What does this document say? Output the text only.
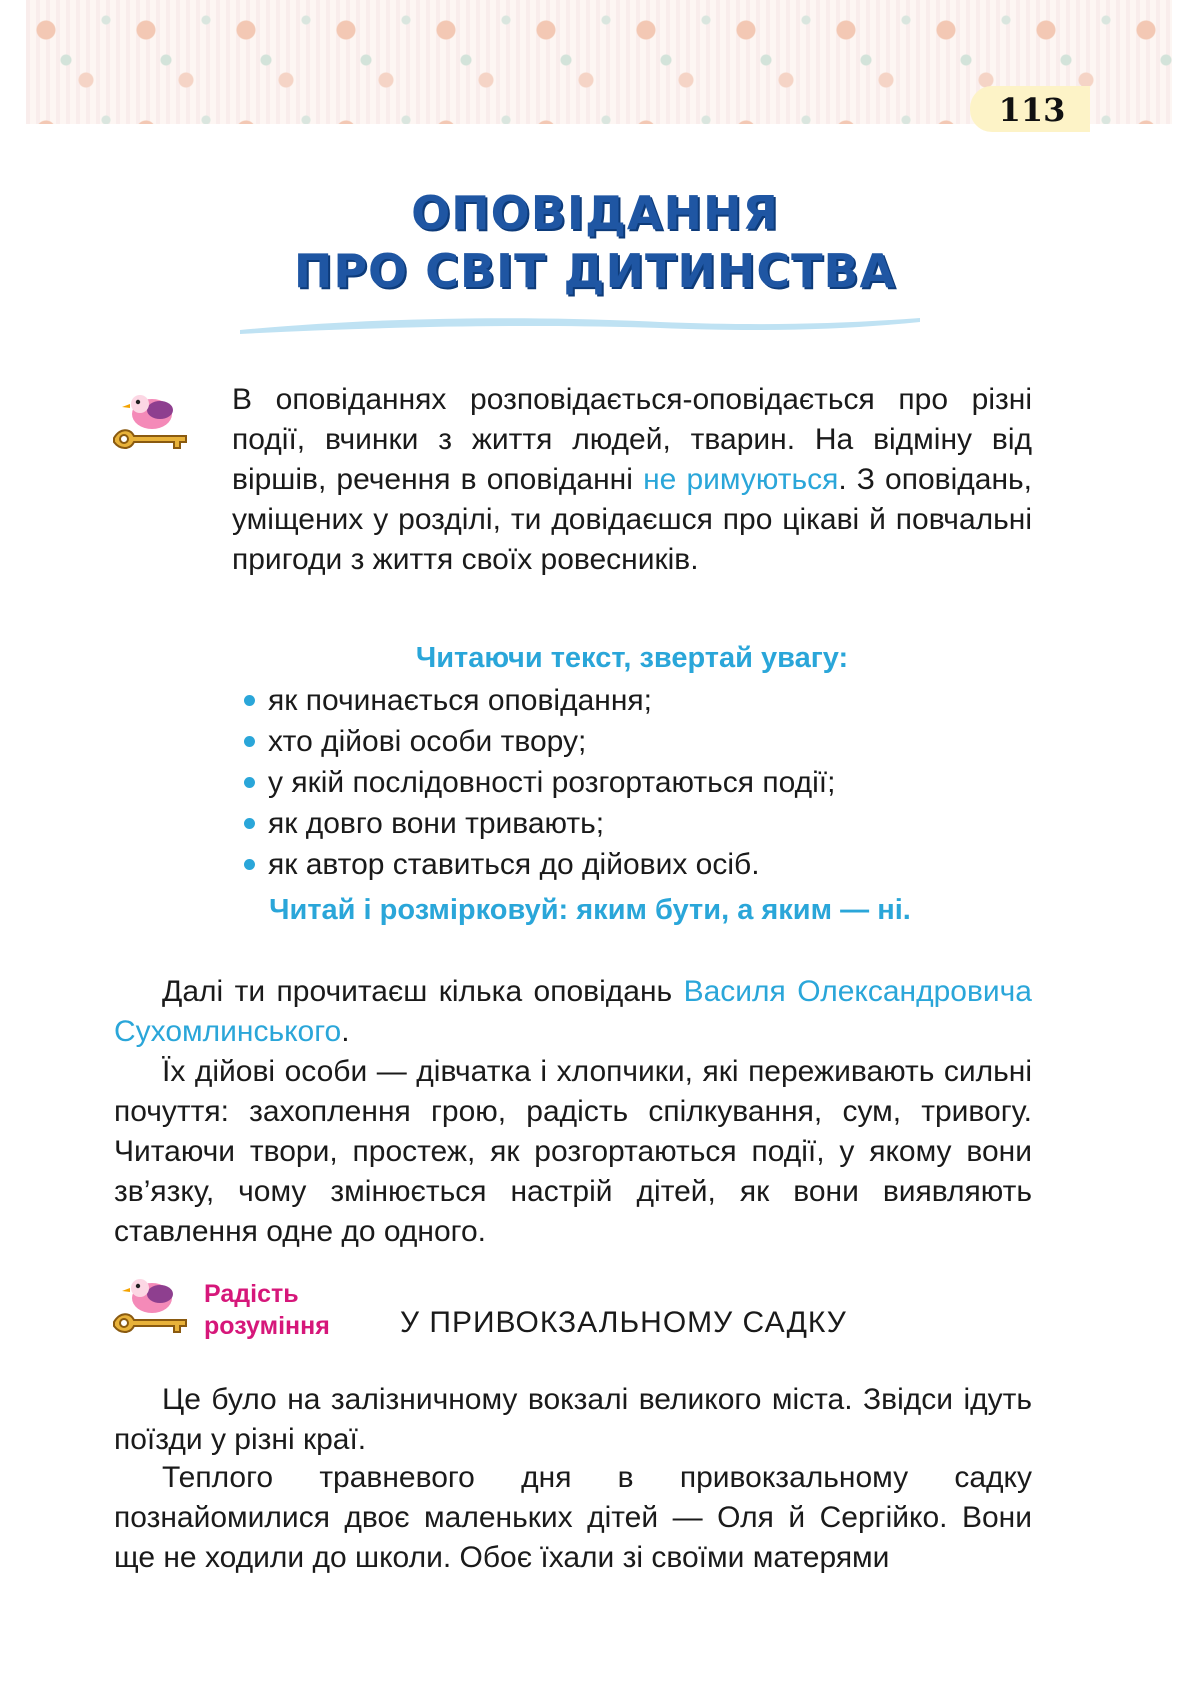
113
ОПОВІДАННЯ
ПРО СВІТ ДИТИНСТВА

В оповіданнях розповідається-оповідається про різні події, вчинки з життя людей, тварин. На відміну від віршів, речення в оповіданні не римуються. З оповідань, уміщених у розділі, ти довідаєшся про цікаві й повчальні пригоди з життя своїх ровесників.

Читаючи текст, звертай увагу:

як починається оповідання;
хто дійові особи твору;
у якій послідовності розгортаються події;
як довго вони тривають;
як автор ставиться до дійових осіб.

Читай і розмірковуй: яким бути, а яким — ні.

Далі ти прочитаєш кілька оповідань Василя Олександровича Сухомлинського.

Їх дійові особи — дівчатка і хлопчики, які переживають сильні почуття: захоплення грою, радість спілкування, сум, тривогу. Читаючи твори, простеж, як розгортаються події, у якому вони зв’язку, чому змінюється настрій дітей, як вони виявляють ставлення одне до одного.

Радість
розуміння У ПРИВОКЗАЛЬНОМУ САДКУ

Це було на залізничному вокзалі великого міста. Звідси ідуть поїзди у різні краї.

Теплого травневого дня в привокзальному садку познайомилися двоє маленьких дітей — Оля й Сергійко. Вони ще не ходили до школи. Обоє їхали зі своїми матерями
